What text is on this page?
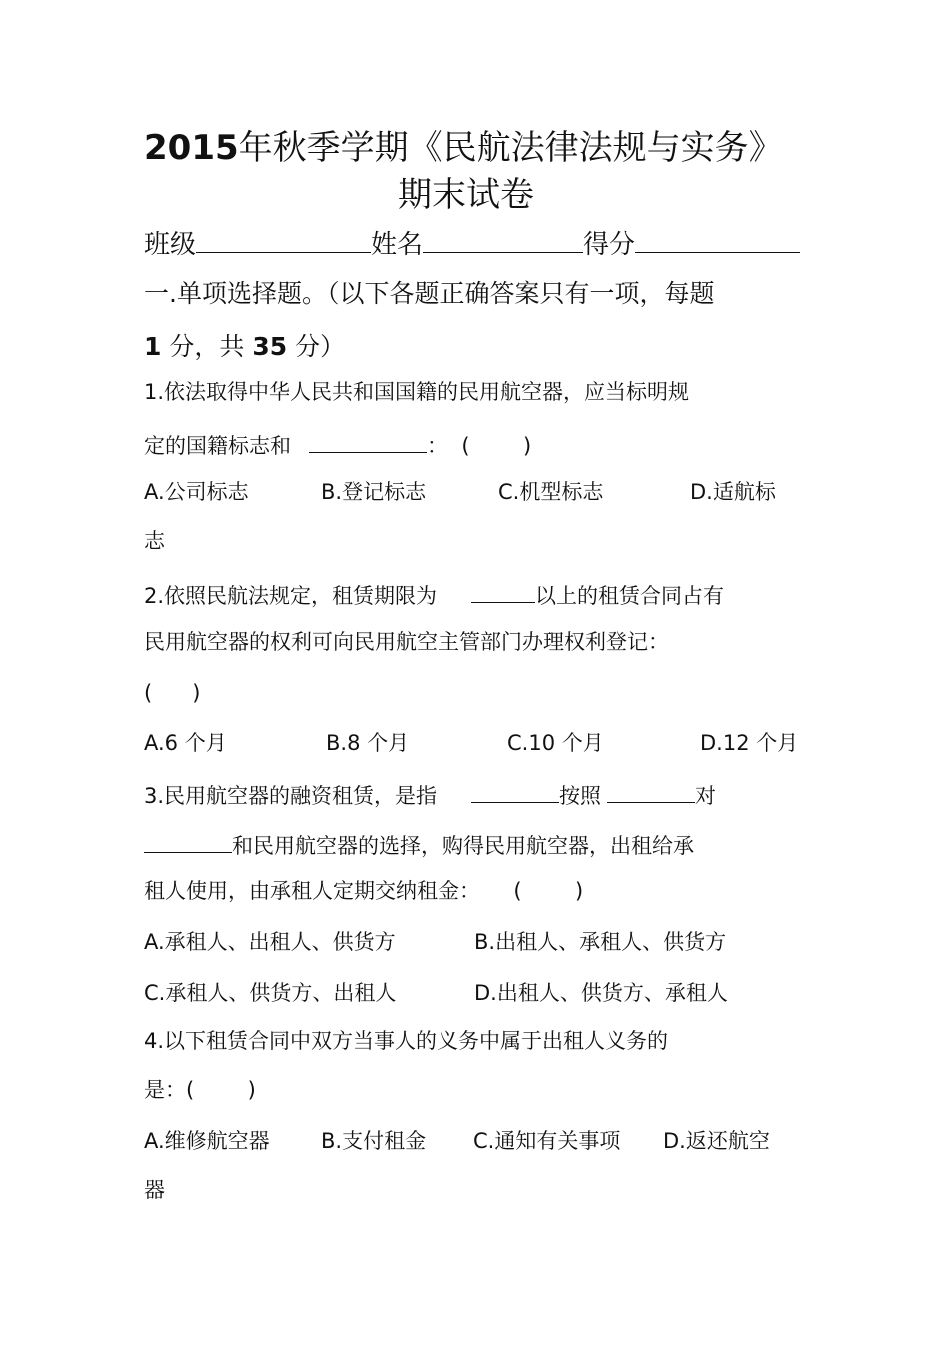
2015年秋季学期《民航法律法规与实务》
期末试卷
班级	姓名	得分
一.单项选择题。（以下各题正确答案只有一项，每题
1 分，共 35 分）
1.依法取得中华人民共和国国籍的民用航空器，应当标明规
定的国籍标志和	：  (        )
A.公司标志	B.登记标志	C.机型标志	D.适航标
志
2.依照民航法规定，租赁期限为	以上的租赁合同占有
民用航空器的权利可向民用航空主管部门办理权利登记：
(      )
A.6 个月	B.8 个月	C.10 个月	D.12 个月
3.民用航空器的融资租赁，是指	按照	对
和民用航空器的选择，购得民用航空器，出租给承
租人使用，由承租人定期交纳租金：     (        )
A.承租人、出租人、供货方	B.出租人、承租人、供货方
C.承租人、供货方、出租人	D.出租人、供货方、承租人
4.以下租赁合同中双方当事人的义务中属于出租人义务的
是：(        )
A.维修航空器 B.支付租金 C.通知有关事项 D.返还航空
器
